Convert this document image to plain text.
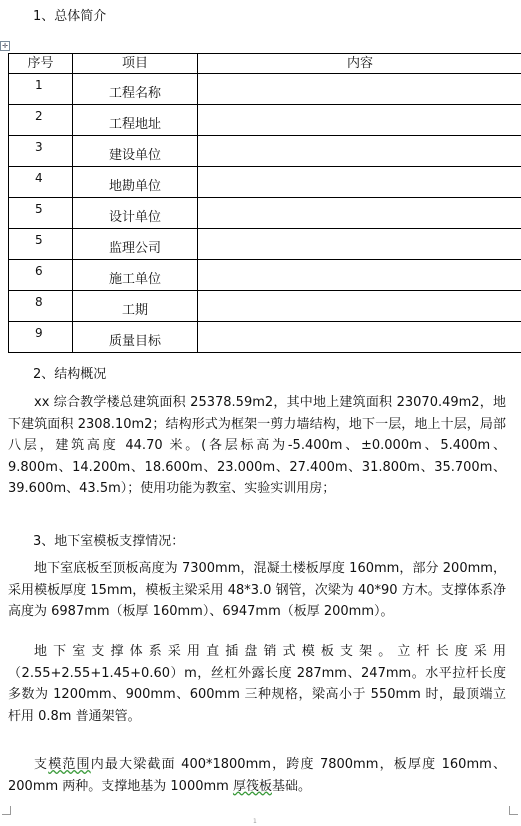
1、总体简介
✛
序号	项目	内容

1	工程名称	

2	工程地址	

3	建设单位	

4	地勘单位	

5	设计单位	

5	监理公司	

6	施工单位	

8	工期	

9	质量目标	

2、结构概况

xx 综合教学楼总建筑面积 25378.59m2，其中地上建筑面积 23070.49m2，地下建筑面积 2308.10m2；结构形式为框架一剪力墙结构，地下一层，地上十层，局部八层，建筑高度 44.70 米。(各层标高为-5.400m、±0.000m、5.400m、9.800m、14.200m、18.600m、23.000m、27.400m、31.800m、35.700m、39.600m、43.5m）；使用功能为教室、实验实训用房；

3、地下室模板支撑情况：

地下室底板至顶板高度为 7300mm，混凝土楼板厚度 160mm，部分 200mm，采用模板厚度 15mm，模板主梁采用 48*3.0 钢管，次梁为 40*90 方木。支撑体系净高度为 6987mm（板厚 160mm）、6947mm（板厚 200mm）。

地下室支撑体系采用直插盘销式模板支架。立杆长度采用（2.55+2.55+1.45+0.60）m，丝杠外露长度 287mm、247mm。水平拉杆长度多数为 1200mm、900mm、600mm 三种规格，梁高小于 550mm 时，最顶端立杆用 0.8m 普通架管。

支模范围内最大梁截面 400*1800mm，跨度 7800mm，板厚度 160mm、200mm 两种。支撑地基为 1000mm 厚筏板基础。

1
